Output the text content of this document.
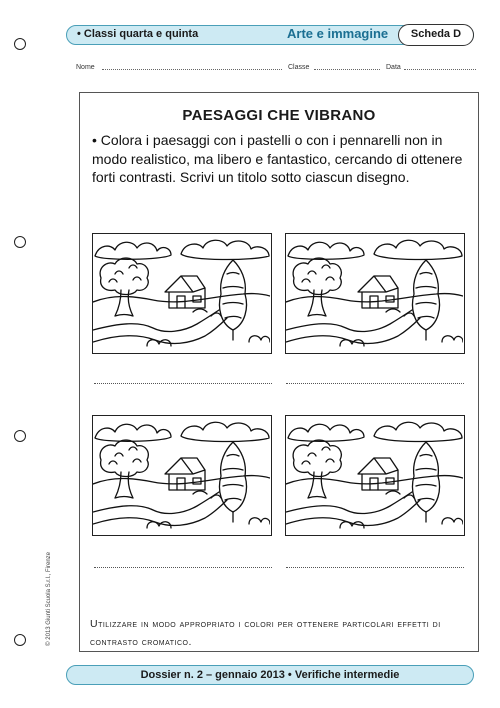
• Classi quarta e quinta	Arte e immagine	Scheda D
Nome	Classe	Data
PAESAGGI CHE VIBRANO
• Colora i paesaggi con i pastelli o con i pennarelli non in modo realistico, ma libero e fantastico, cercando di ottenere forti contrasti. Scrivi un titolo sotto ciascun disegno.
Utilizzare in modo appropriato i colori per ottenere particolari effetti di contrasto cromatico.
© 2013 Giunti Scuola S.r.l., Firenze
Dossier n. 2 – gennaio 2013 • Verifiche intermedie
